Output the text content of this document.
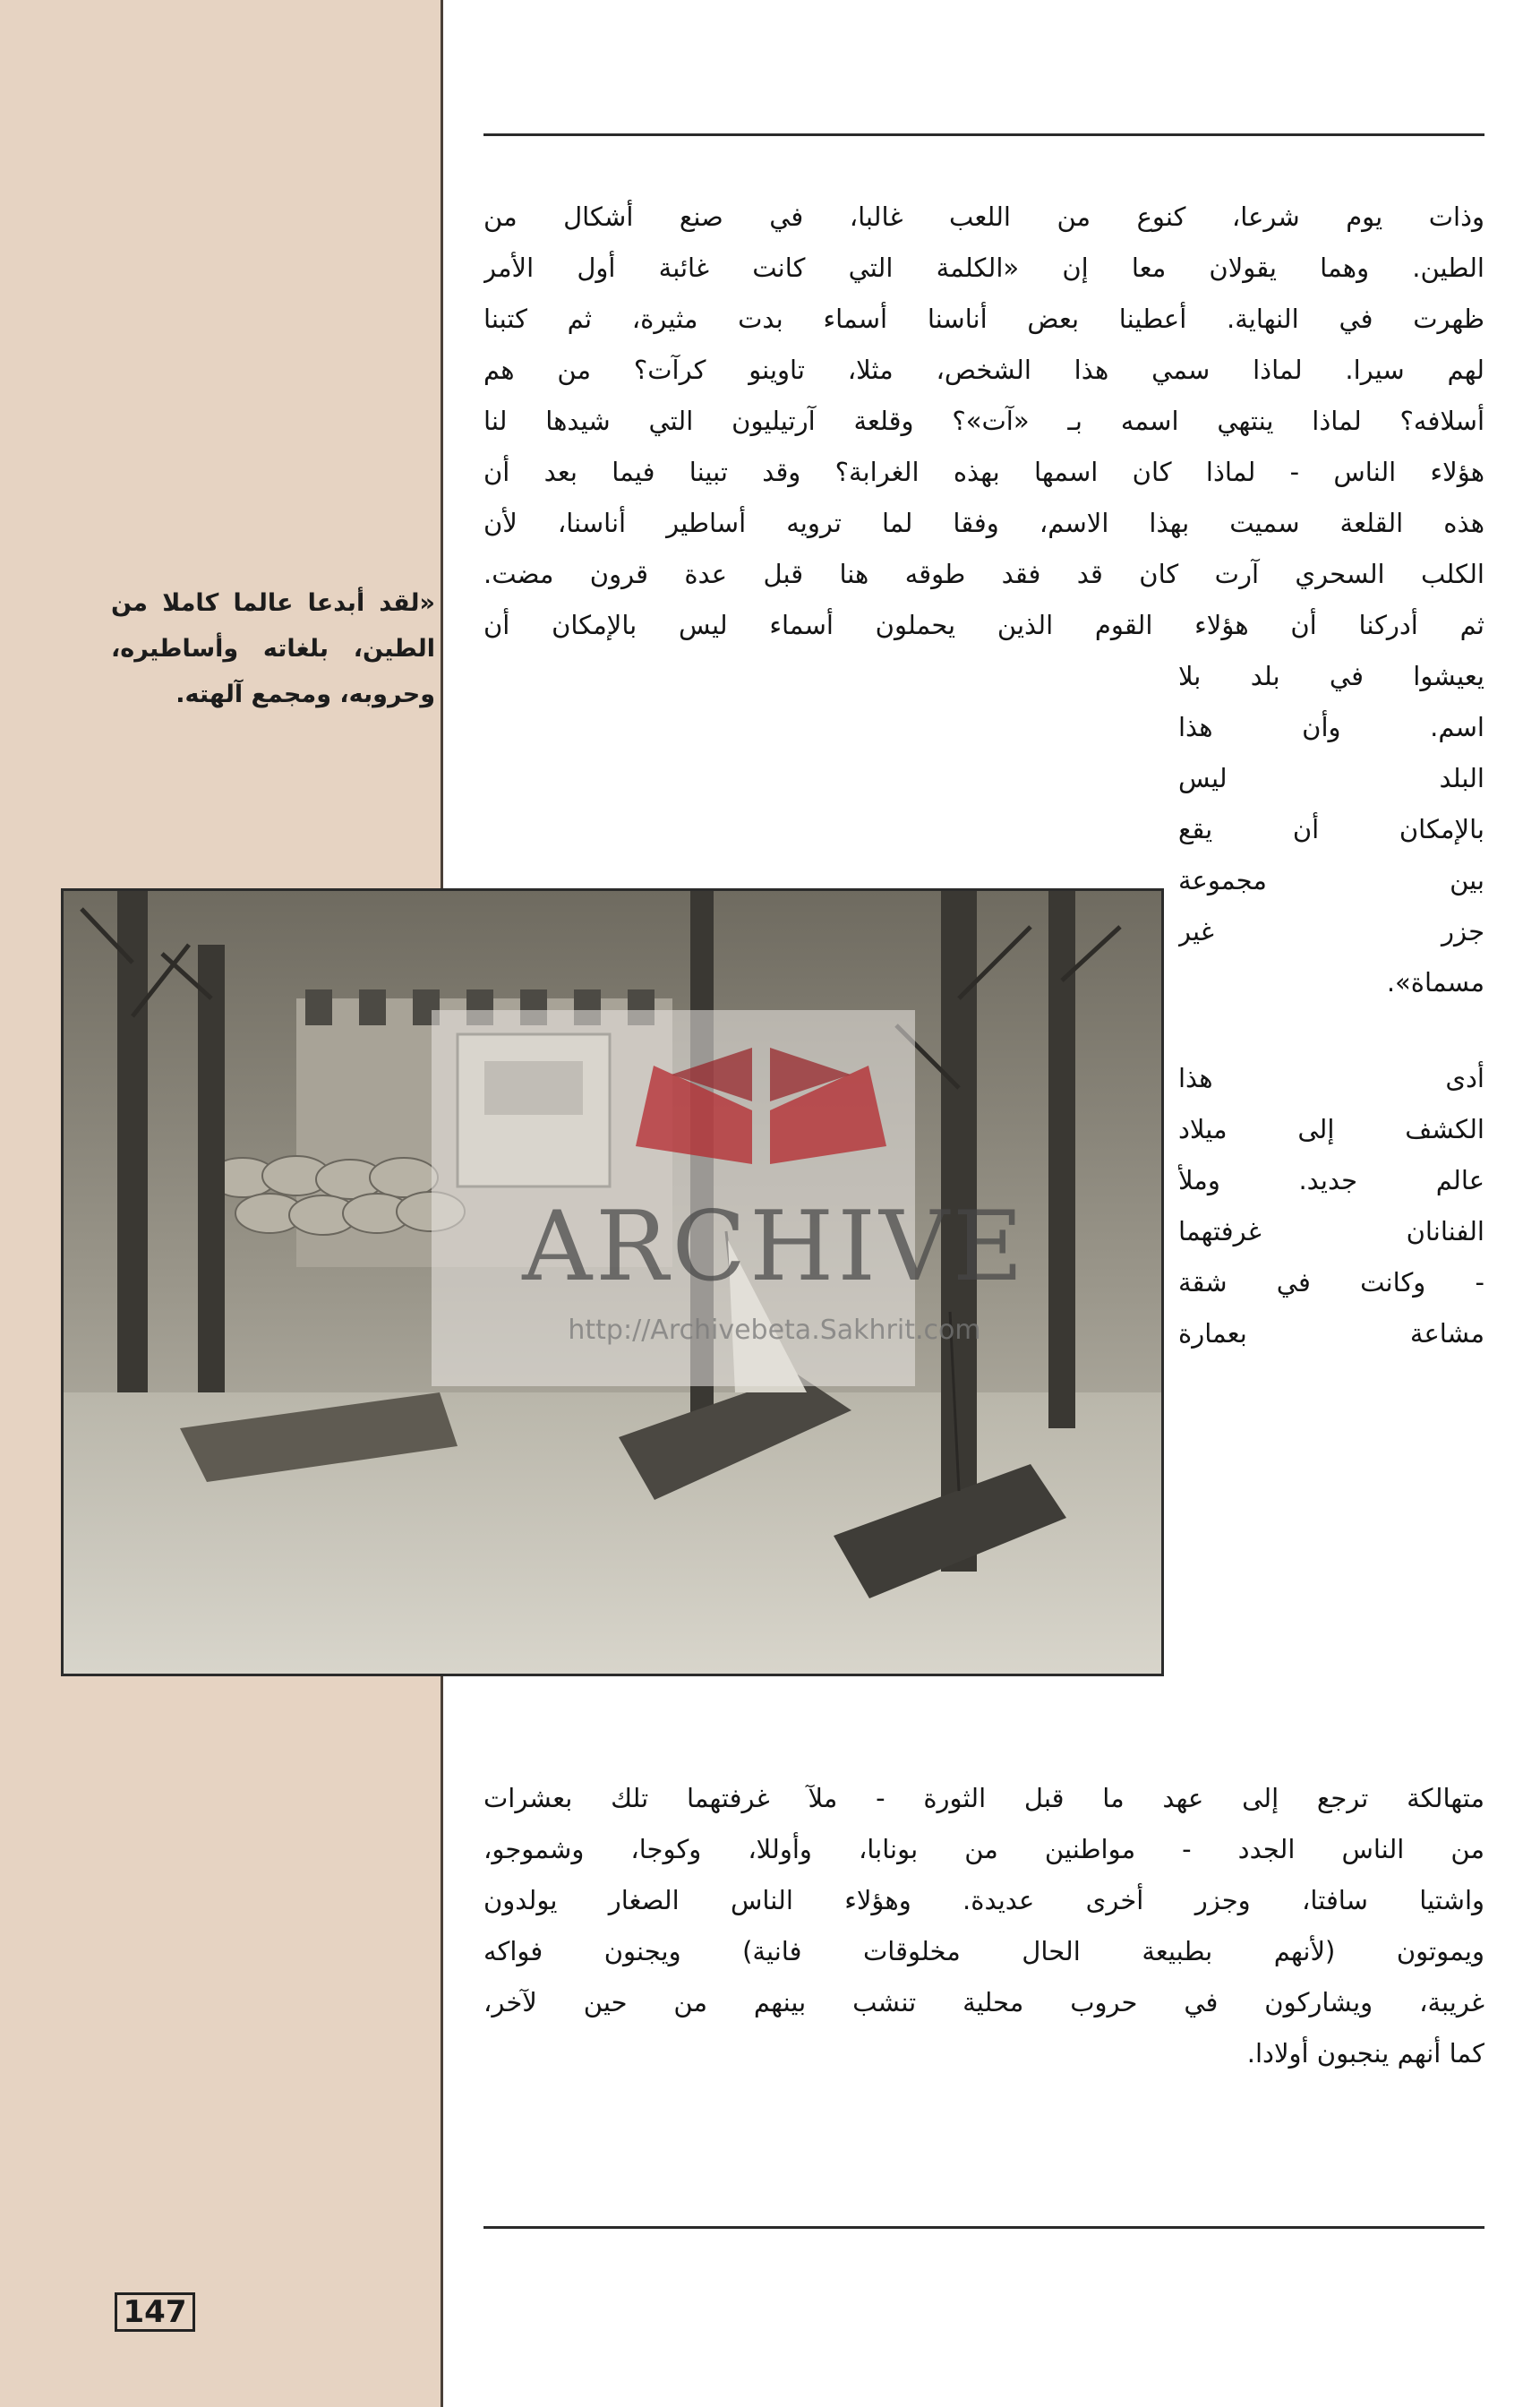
«لقد أبدعا عالما كاملا من الطين، بلغاته وأساطيره، وحروبه، ومجمع آلهته.
وذات يوم شرعا، كنوع من اللعب غالبا، في صنع أشكال من
الطين. وهما يقولان معا إن «الكلمة التي كانت غائبة أول الأمر
ظهرت في النهاية. أعطينا بعض أناسنا أسماء بدت مثيرة، ثم كتبنا
لهم سيرا. لماذا سمي هذا الشخص، مثلا، تاوينو كرآت؟ من هم
أسلافه؟ لماذا ينتهي اسمه بـ «آت»؟ وقلعة آرتيليون التي شيدها لنا
هؤلاء الناس - لماذا كان اسمها بهذه الغرابة؟ وقد تبينا فيما بعد أن
هذه القلعة سميت بهذا الاسم، وفقا لما ترويه أساطير أناسنا، لأن
الكلب السحري آرت كان قد فقد طوقه هنا قبل عدة قرون مضت.
ثم أدركنا أن هؤلاء القوم الذين يحملون أسماء ليس بالإمكان أن
يعيشوا في بلد بلا
اسم. وأن هذا
البلد ليس
بالإمكان أن يقع
بين مجموعة
جزر غير
مسماة».
أدى هذا
الكشف إلى ميلاد
عالم جديد. وملأ
الفنانان غرفتهما
- وكانت في شقة
مشاعة بعمارة
متهالكة ترجع إلى عهد ما قبل الثورة - ملآ غرفتهما تلك بعشرات
من الناس الجدد - مواطنين من بونابا، وأوللا، وكوجا، وشموجو،
واشتيا سافتا، وجزر أخرى عديدة. وهؤلاء الناس الصغار يولدون
ويموتون (لأنهم بطبيعة الحال مخلوقات فانية) ويجنون فواكه
غريبة، ويشاركون في حروب محلية تنشب بينهم من حين لآخر،
كما أنهم ينجبون أولادا.
ARCHIVE
http://Archivebeta.Sakhrit.com
147
